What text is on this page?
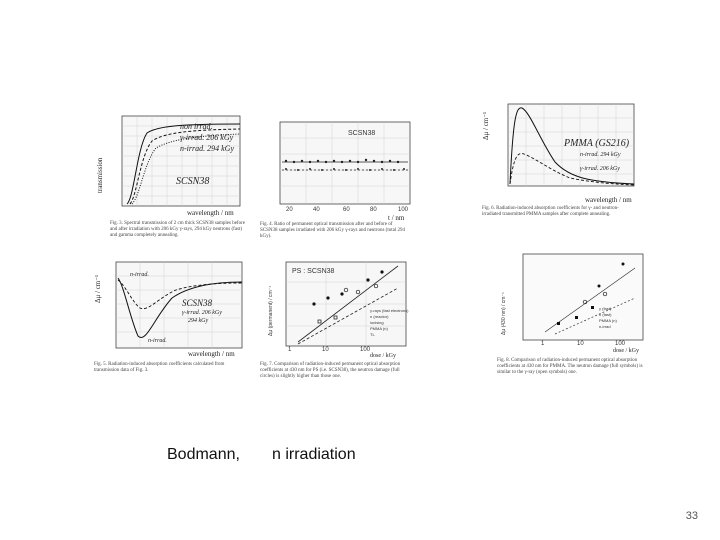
transmission
non irrad.
γ-irrad. 206 kGy
n-irrad. 294 kGy
SCSN38
wavelength / nm
Fig. 3. Spectral transmission of 2 cm thick SCSN38 samples before and after irradiation with 206 kGy γ-rays, 294 kGy neutrons (fast) and gamma completely annealing.
SCSN38
20	40	60	80	100
t / nm
Fig. 4. Ratio of permanent optical transmission after and before of SCSN38 samples irradiated with 206 kGy γ-rays and neutrons (total 294 kGy).
Δμ / cm⁻¹
PMMA (GS216)
n-irrad. 294 kGy
γ-irrad. 206 kGy
wavelength / nm
Fig. 6. Radiation-induced absorption coefficients for γ- and neutron-irradiated transmitted PMMA samples after complete annealing.
Δμ / cm⁻¹	n-irrad.
SCSN38
γ-irrad. 206 kGy
294 kGy
n-irrad.
wavelength / nm
Fig. 5. Radiation-induced absorption coefficients calculated from transmission data of Fig. 3.
PS : SCSN38
Δμ (permanent) / cm⁻¹	γ-rays (fast electrons)
n (reactor)
ionising
PMMA (n)
TL
1	10	100
dose / kGy
Fig. 7. Comparison of radiation-induced permanent optical absorption coefficients at 430 nm for PS (i.e. SCSN38), the neutron damage (full circles) is slightly higher than those one.
Δμ (430 nm) / cm⁻¹	γ (fast)
n (fast)
PMMA (n)
n-irrad
1	10	100
dose / kGy
Fig. 8. Comparison of radiation-induced permanent optical absorption coefficients at 430 nm for PMMA. The neutron damage (full symbols) is similar to the γ-ray (open symbols) one.
Bodmann, n irradiation
33
